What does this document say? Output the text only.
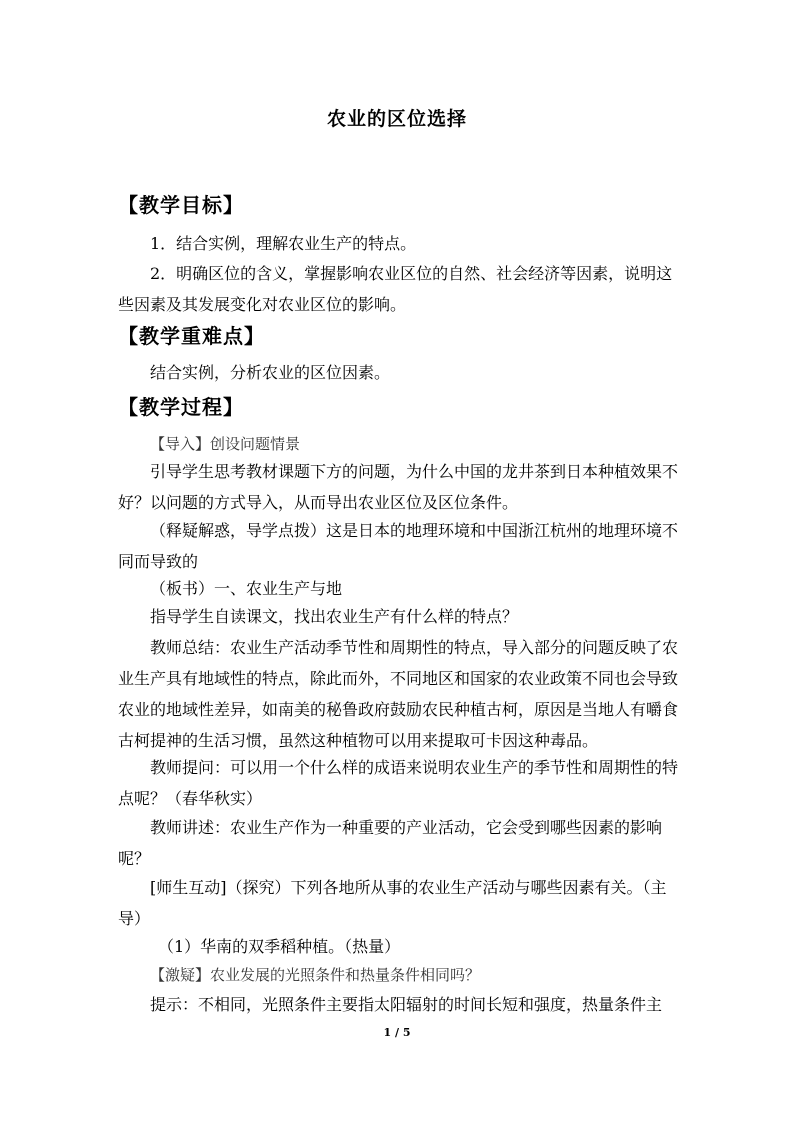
农业的区位选择
【教学目标】

1．结合实例，理解农业生产的特点。

2．明确区位的含义，掌握影响农业区位的自然、社会经济等因素，说明这些因素及其发展变化对农业区位的影响。

【教学重难点】

结合实例，分析农业的区位因素。

【教学过程】

【导入】创设问题情景

引导学生思考教材课题下方的问题，为什么中国的龙井茶到日本种植效果不好？以问题的方式导入，从而导出农业区位及区位条件。

（释疑解惑，导学点拨）这是日本的地理环境和中国浙江杭州的地理环境不同而导致的

（板书）一、农业生产与地

指导学生自读课文，找出农业生产有什么样的特点？

教师总结：农业生产活动季节性和周期性的特点，导入部分的问题反映了农业生产具有地域性的特点，除此而外，不同地区和国家的农业政策不同也会导致农业的地域性差异，如南美的秘鲁政府鼓励农民种植古柯，原因是当地人有嚼食古柯提神的生活习惯，虽然这种植物可以用来提取可卡因这种毒品。

教师提问：可以用一个什么样的成语来说明农业生产的季节性和周期性的特点呢？（春华秋实）

教师讲述：农业生产作为一种重要的产业活动，它会受到哪些因素的影响呢？

[师生互动]（探究）下列各地所从事的农业生产活动与哪些因素有关。（主导）

（1）华南的双季稻种植。（热量）

【激疑】农业发展的光照条件和热量条件相同吗？

提示：不相同，光照条件主要指太阳辐射的时间长短和强度，热量条件主

1 / 5
